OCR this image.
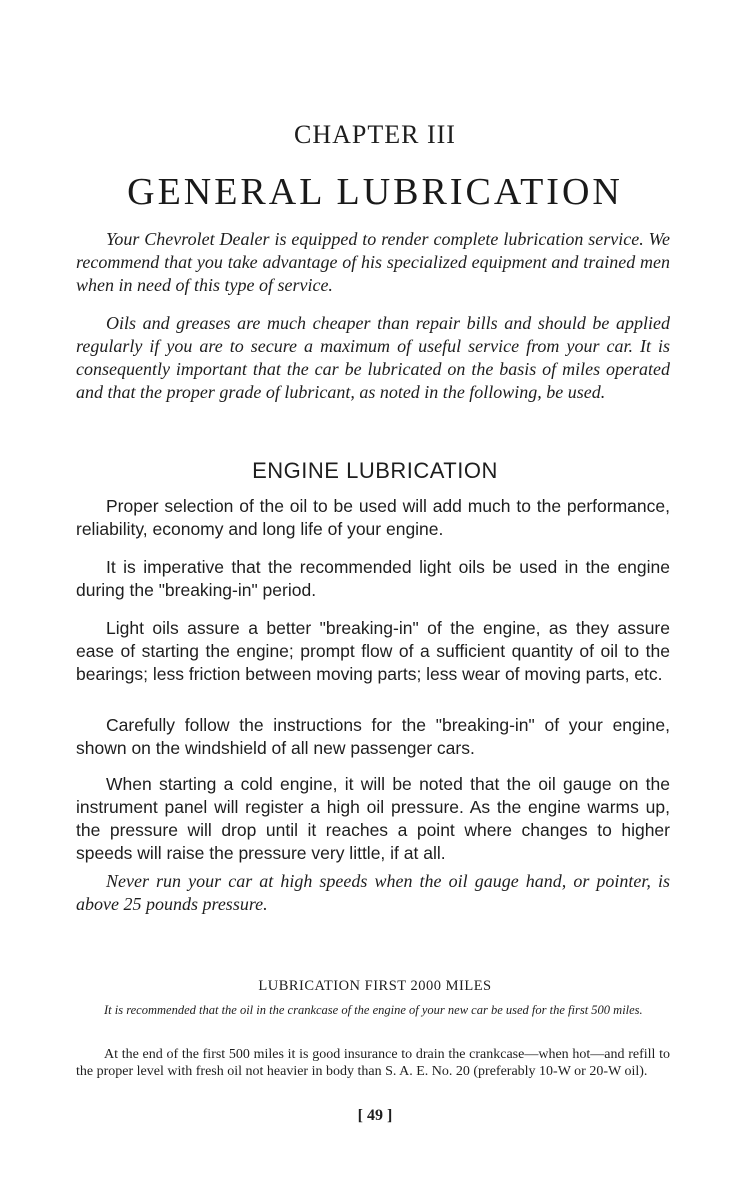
CHAPTER III
GENERAL LUBRICATION

Your Chevrolet Dealer is equipped to render complete lubrication service. We recommend that you take advantage of his specialized equipment and trained men when in need of this type of service.

Oils and greases are much cheaper than repair bills and should be applied regularly if you are to secure a maximum of useful service from your car. It is consequently important that the car be lubricated on the basis of miles operated and that the proper grade of lubricant, as noted in the following, be used.

ENGINE LUBRICATION

Proper selection of the oil to be used will add much to the performance, reliability, economy and long life of your engine.

It is imperative that the recommended light oils be used in the engine during the "breaking-in" period.

Light oils assure a better "breaking-in" of the engine, as they assure ease of starting the engine; prompt flow of a sufficient quantity of oil to the bearings; less friction between moving parts; less wear of moving parts, etc.

Carefully follow the instructions for the "breaking-in" of your engine, shown on the windshield of all new passenger cars.

When starting a cold engine, it will be noted that the oil gauge on the instrument panel will register a high oil pressure. As the engine warms up, the pressure will drop until it reaches a point where changes to higher speeds will raise the pressure very little, if at all.

Never run your car at high speeds when the oil gauge hand, or pointer, is above 25 pounds pressure.

LUBRICATION FIRST 2000 MILES

It is recommended that the oil in the crankcase of the engine of your new car be used for the first 500 miles.

At the end of the first 500 miles it is good insurance to drain the crankcase—when hot—and refill to the proper level with fresh oil not heavier in body than S. A. E. No. 20 (preferably 10-W or 20-W oil).

[ 49 ]
